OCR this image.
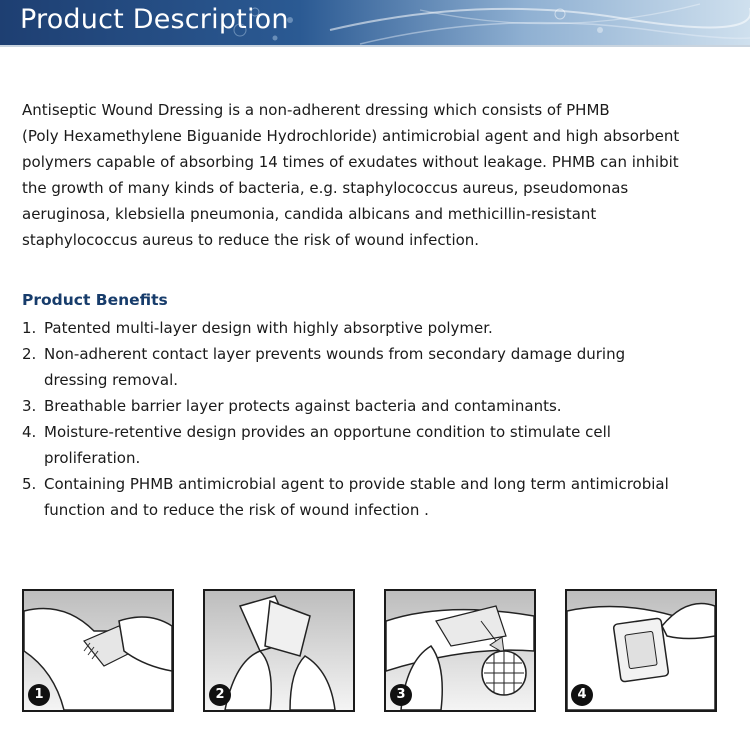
Product Description

Antiseptic Wound Dressing is a non-adherent dressing which consists of PHMB
(Poly Hexamethylene Biguanide Hydrochloride) antimicrobial agent and high absorbent
polymers capable of absorbing 14 times of exudates without leakage. PHMB can inhibit
the growth of many kinds of bacteria, e.g. staphylococcus aureus, pseudomonas
aeruginosa, klebsiella pneumonia, candida albicans and methicillin-resistant
staphylococcus aureus to reduce the risk of wound infection.

Product Benefits
1. Patented multi-layer design with highly absorptive polymer.
2. Non-adherent contact layer prevents wounds from secondary damage during
dressing removal.
3. Breathable barrier layer protects against bacteria and contaminants.
4. Moisture-retentive design provides an opportune condition to stimulate cell
proliferation.
5. Containing PHMB antimicrobial agent to provide stable and long term antimicrobial
function and to reduce the risk of wound infection .
1	2	3	4
